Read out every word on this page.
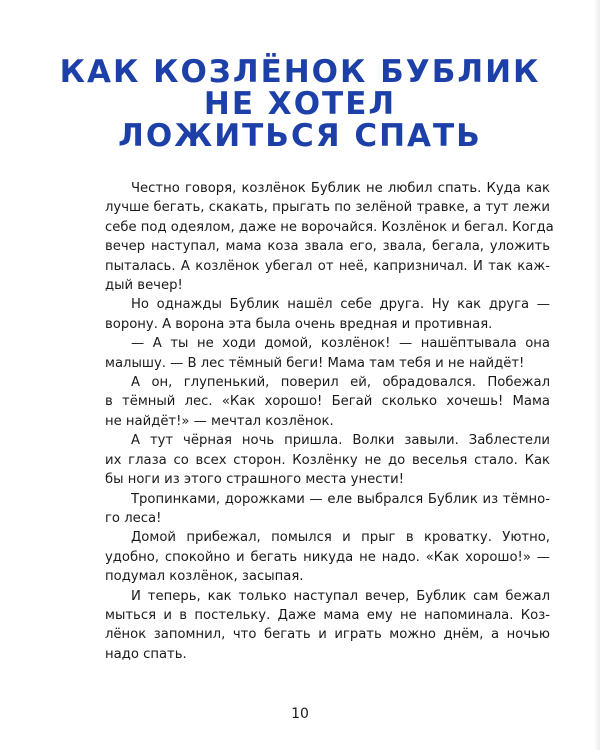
КАК КОЗЛЁНОК БУБЛИК
НЕ ХОТЕЛ
ЛОЖИТЬСЯ СПАТЬ

Честно говоря, козлёнок Бублик не любил спать. Куда как
лучше бегать, скакать, прыгать по зелёной травке, а тут лежи
себе под одеялом, даже не ворочайся. Козлёнок и бегал. Когда
вечер наступал, мама коза звала его, звала, бегала, уложить
пыталась. А козлёнок убегал от неё, капризничал. И так каж-
дый вечер!

Но однажды Бублик нашёл себе друга. Ну как друга —
ворону. А ворона эта была очень вредная и противная.

— А ты не ходи домой, козлёнок! — нашёптывала она
малышу. — В лес тёмный беги! Мама там тебя и не найдёт!

А он, глупенький, поверил ей, обрадовался. Побежал
в тёмный лес. «Как хорошо! Бегай сколько хочешь! Мама
не найдёт!» — мечтал козлёнок.

А тут чёрная ночь пришла. Волки завыли. Заблестели
их глаза со всех сторон. Козлёнку не до веселья стало. Как
бы ноги из этого страшного места унести!

Тропинками, дорожками — еле выбрался Бублик из тёмно-
го леса!

Домой прибежал, помылся и прыг в кроватку. Уютно,
удобно, спокойно и бегать никуда не надо. «Как хорошо!» —
подумал козлёнок, засыпая.

И теперь, как только наступал вечер, Бублик сам бежал
мыться и в постельку. Даже мама ему не напоминала. Коз-
лёнок запомнил, что бегать и играть можно днём, а ночью
надо спать.

10
